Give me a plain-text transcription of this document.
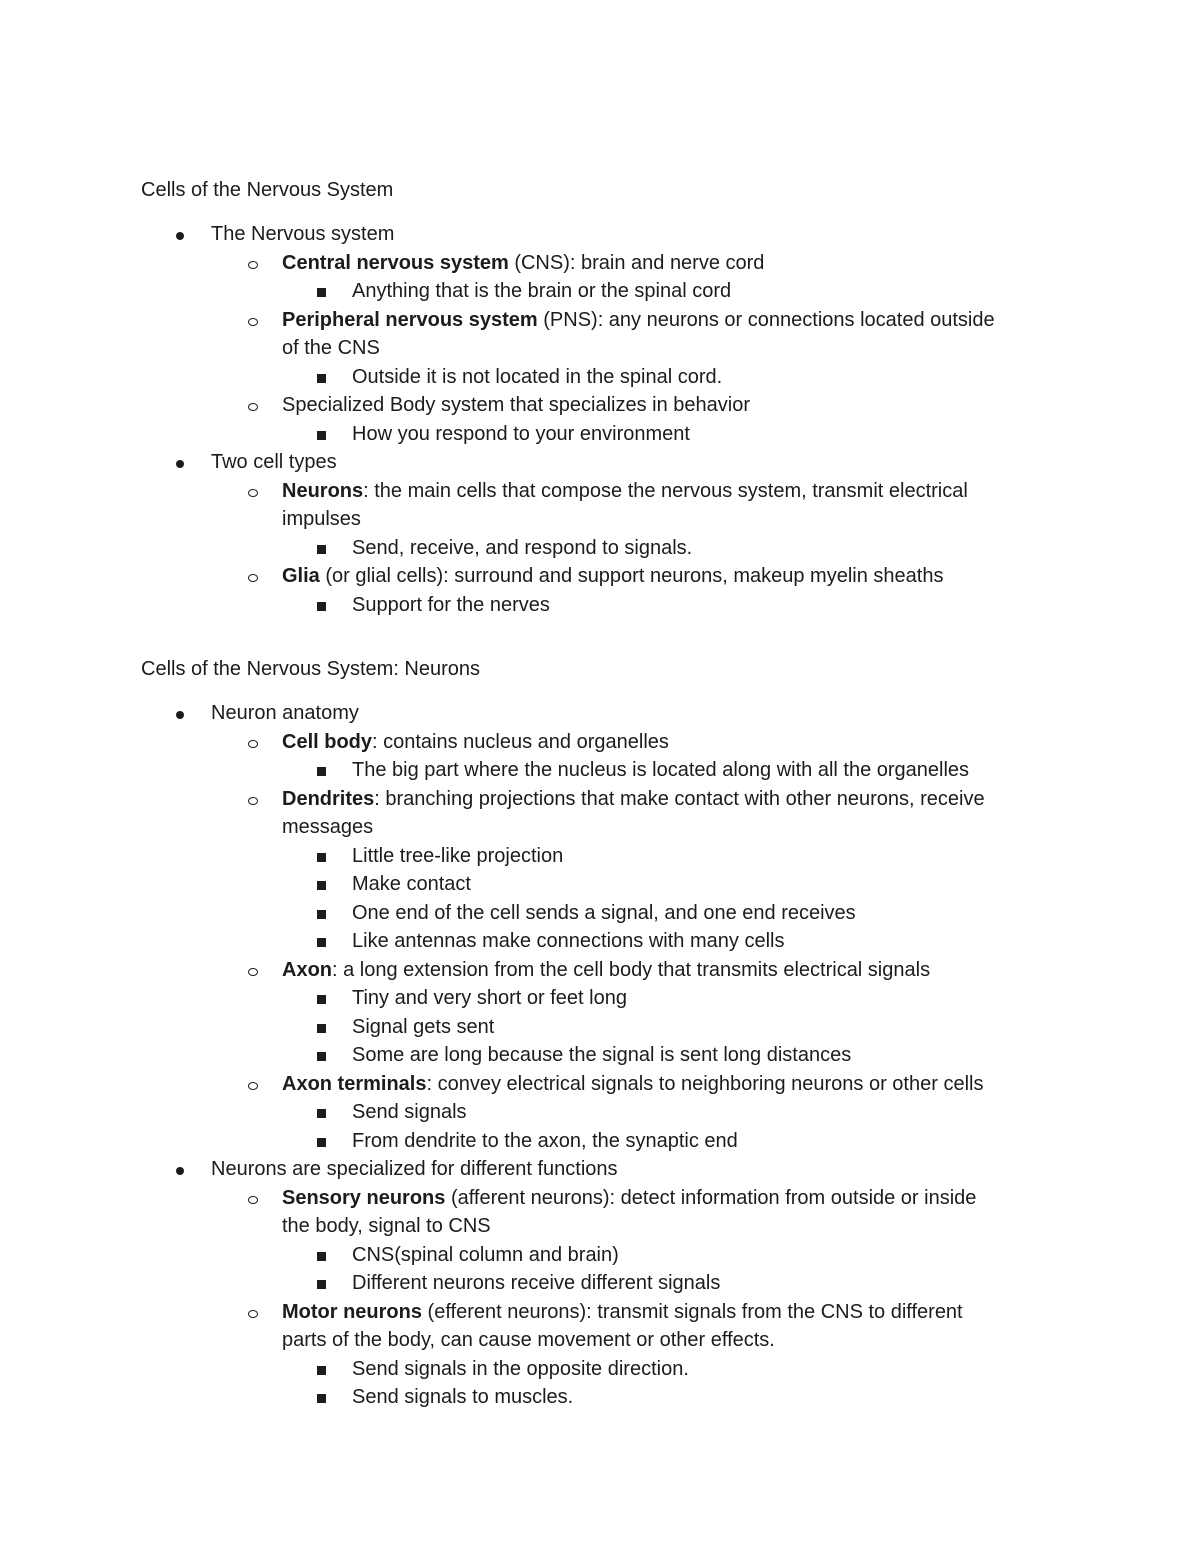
Cells of the Nervous System
The Nervous system
Central nervous system (CNS): brain and nerve cord
Anything that is the brain or the spinal cord
Peripheral nervous system (PNS): any neurons or connections located outside
of the CNS
Outside it is not located in the spinal cord.
Specialized Body system that specializes in behavior
How you respond to your environment
Two cell types
Neurons: the main cells that compose the nervous system, transmit electrical
impulses
Send, receive, and respond to signals.
Glia (or glial cells): surround and support neurons, makeup myelin sheaths
Support for the nerves
Cells of the Nervous System: Neurons
Neuron anatomy
Cell body: contains nucleus and organelles
The big part where the nucleus is located along with all the organelles
Dendrites: branching projections that make contact with other neurons, receive
messages
Little tree-like projection
Make contact
One end of the cell sends a signal, and one end receives
Like antennas make connections with many cells
Axon: a long extension from the cell body that transmits electrical signals
Tiny and very short or feet long
Signal gets sent
Some are long because the signal is sent long distances
Axon terminals: convey electrical signals to neighboring neurons or other cells
Send signals
From dendrite to the axon, the synaptic end
Neurons are specialized for different functions
Sensory neurons (afferent neurons): detect information from outside or inside
the body, signal to CNS
CNS(spinal column and brain)
Different neurons receive different signals
Motor neurons (efferent neurons): transmit signals from the CNS to different
parts of the body, can cause movement or other effects.
Send signals in the opposite direction.
Send signals to muscles.
